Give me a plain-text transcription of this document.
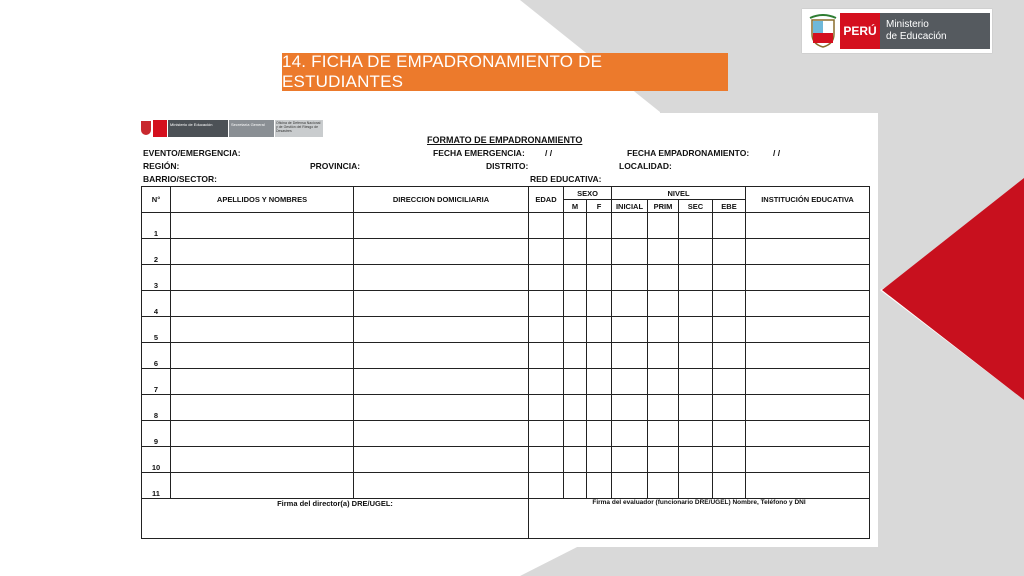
PERÚ Ministerio
de Educación
14. FICHA DE EMPADRONAMIENTO DE ESTUDIANTES
Ministerio de Educación	Secretaría General	Oficina de Defensa Nacional y de Gestión del Riesgo de Desastres
FORMATO DE EMPADRONAMIENTO
EVENTO/EMERGENCIA:	FECHA EMERGENCIA: / /	FECHA EMPADRONAMIENTO:	/ /
REGIÓN:	PROVINCIA:	DISTRITO:	LOCALIDAD:
BARRIO/SECTOR:	RED EDUCATIVA:
N°	APELLIDOS Y NOMBRES	DIRECCION DOMICILIARIA	EDAD	SEXO		NIVEL				INSTITUCIÓN EDUCATIVA
				M	F	INICIAL	PRIM	SEC	EBE	
1										
2										
3										
4										
5										
6										
7										
8										
9										
10										
11										
Firma del director(a) DRE/UGEL:			Firma del evaluador (funcionario DRE/UGEL) Nombre, Teléfono y DNI							
